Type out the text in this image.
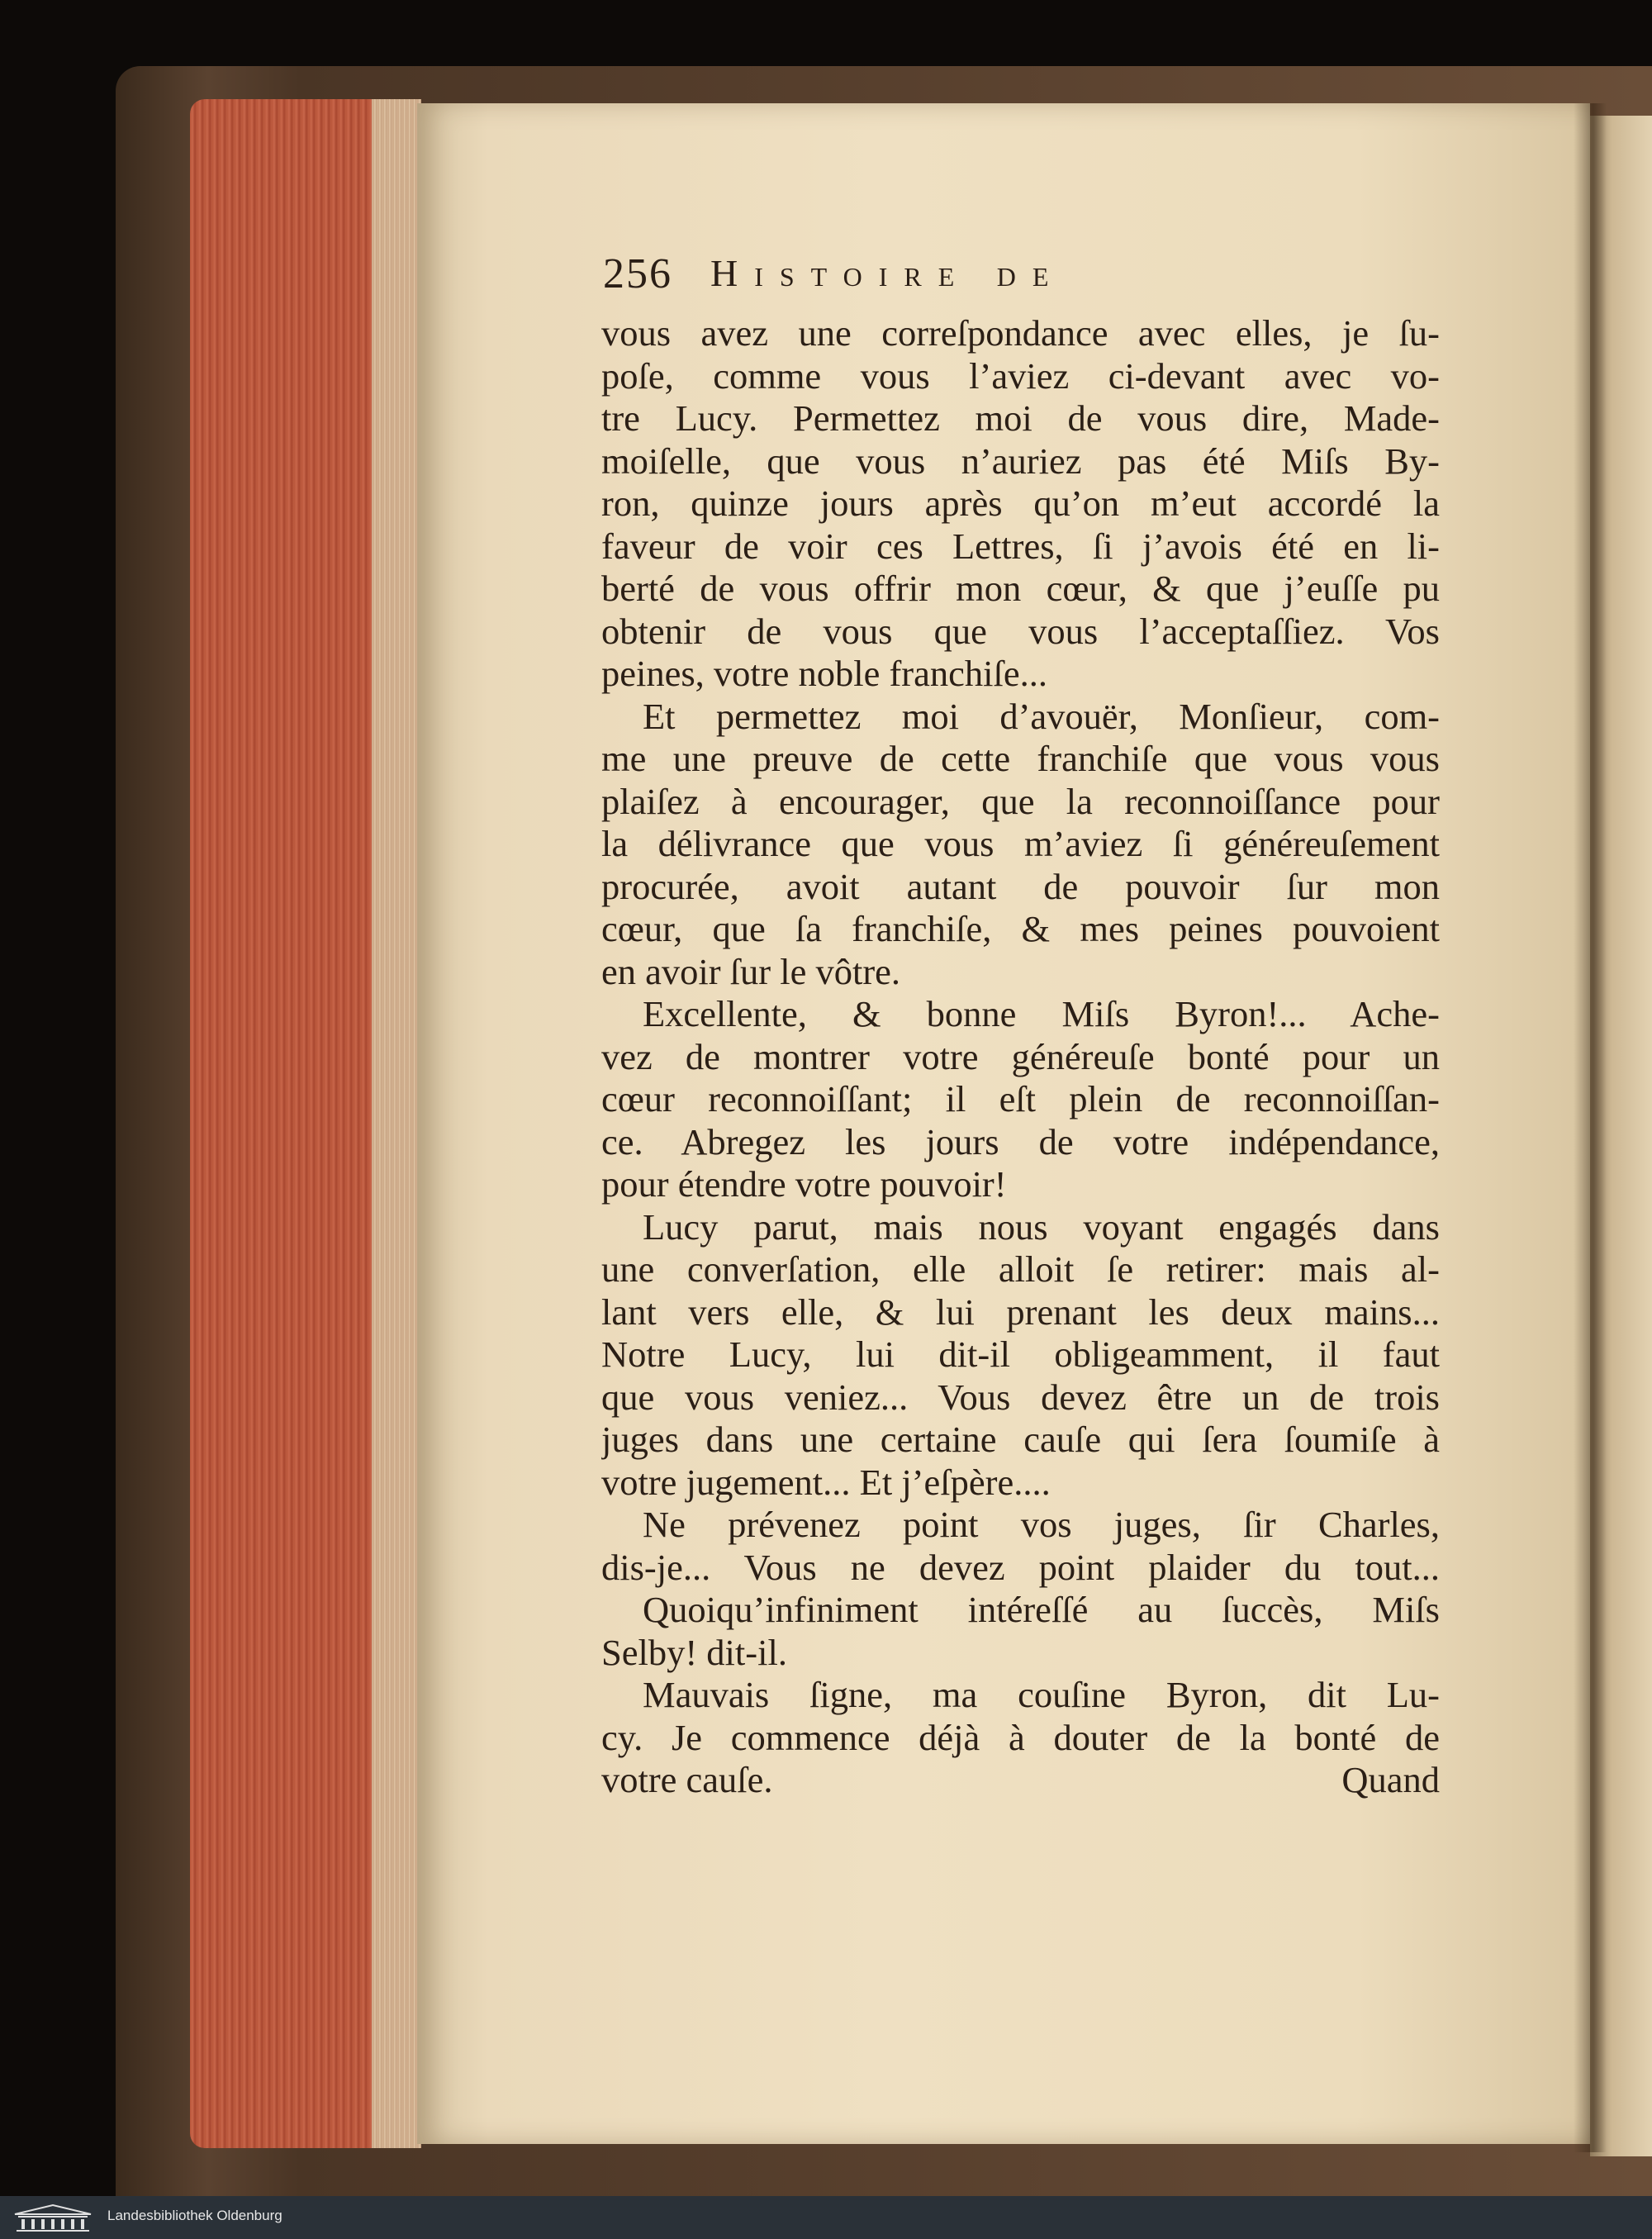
256 Histoire de
vous avez une correſpondance avec elles, je ſu-
poſe, comme vous l’aviez ci-devant avec vo-
tre Lucy. Permettez moi de vous dire, Made-
moiſelle, que vous n’auriez pas été Miſs By-
ron, quinze jours après qu’on m’eut accordé la
faveur de voir ces Lettres, ſi j’avois été en li-
berté de vous offrir mon cœur, & que j’euſſe pu
obtenir de vous que vous l’acceptaſſiez. Vos
peines, votre noble franchiſe...
Et permettez moi d’avouër, Monſieur, com-
me une preuve de cette franchiſe que vous vous
plaiſez à encourager, que la reconnoiſſance pour
la délivrance que vous m’aviez ſi généreuſement
procurée, avoit autant de pouvoir ſur mon
cœur, que ſa franchiſe, & mes peines pouvoient
en avoir ſur le vôtre.
Excellente, & bonne Miſs Byron!... Ache-
vez de montrer votre généreuſe bonté pour un
cœur reconnoiſſant; il eſt plein de reconnoiſſan-
ce. Abregez les jours de votre indépendance,
pour étendre votre pouvoir!
Lucy parut, mais nous voyant engagés dans
une converſation, elle alloit ſe retirer: mais al-
lant vers elle, & lui prenant les deux mains...
Notre Lucy, lui dit-il obligeamment, il faut
que vous veniez... Vous devez être un de trois
juges dans une certaine cauſe qui ſera ſoumiſe à
votre jugement... Et j’eſpère....
Ne prévenez point vos juges, ſir Charles,
dis-je... Vous ne devez point plaider du tout...
Quoiqu’infiniment intéreſſé au ſuccès, Miſs
Selby! dit-il.
Mauvais ſigne, ma couſine Byron, dit Lu-
cy. Je commence déjà à douter de la bonté de
votre cauſe.	Quand
Landesbibliothek Oldenburg
